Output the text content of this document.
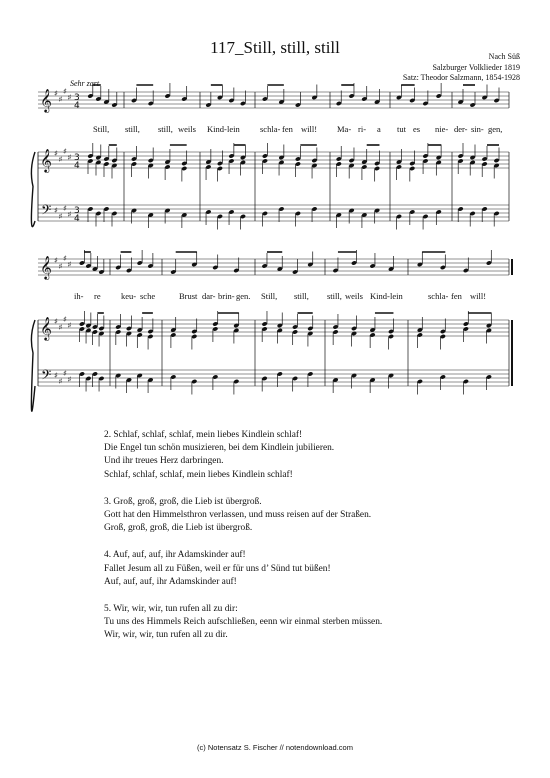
117_Still, still, still	Nach Süß
Salzburger Volklieder 1819
Satz: Theodor Salzmann, 1854-1928
Sehr zart
𝄞
𝄞
𝄢
♯
♯
♯
♯
♯
♯
♯
♯
♯
♯
♯
♯
3
4
3
4
3
4
𝄞
𝄞
𝄢
♯
♯
♯
♯
♯
♯
♯
♯
♯
♯
♯
♯
Still, still, still, weils Kind- lein schla- fen will! Ma- ri- a tut es nie- der- sin- gen,
ih- re keu- sche	Brust dar- brin- gen. Still, still, still, weils Kind- lein	schla- fen will!

2. Schlaf, schlaf, schlaf, mein liebes Kindlein schlaf!
Die Engel tun schön musizieren, bei dem Kindlein jubilieren.
Und ihr treues Herz darbringen.
Schlaf, schlaf, schlaf, mein liebes Kindlein schlaf!

3. Groß, groß, groß, die Lieb ist übergroß.
Gott hat den Himmelsthron verlassen, und muss reisen auf der Straßen.
Groß, groß, groß, die Lieb ist übergroß.

4. Auf, auf, auf, ihr Adamskinder auf!
Fallet Jesum all zu Füßen, weil er für uns d’ Sünd tut büßen!
Auf, auf, auf, ihr Adamskinder auf!

5. Wir, wir, wir, tun rufen all zu dir:
Tu uns des Himmels Reich aufschließen, eenn wir einmal sterben müssen.
Wir, wir, wir, tun rufen all zu dir.

(c) Notensatz S. Fischer // notendownload.com
